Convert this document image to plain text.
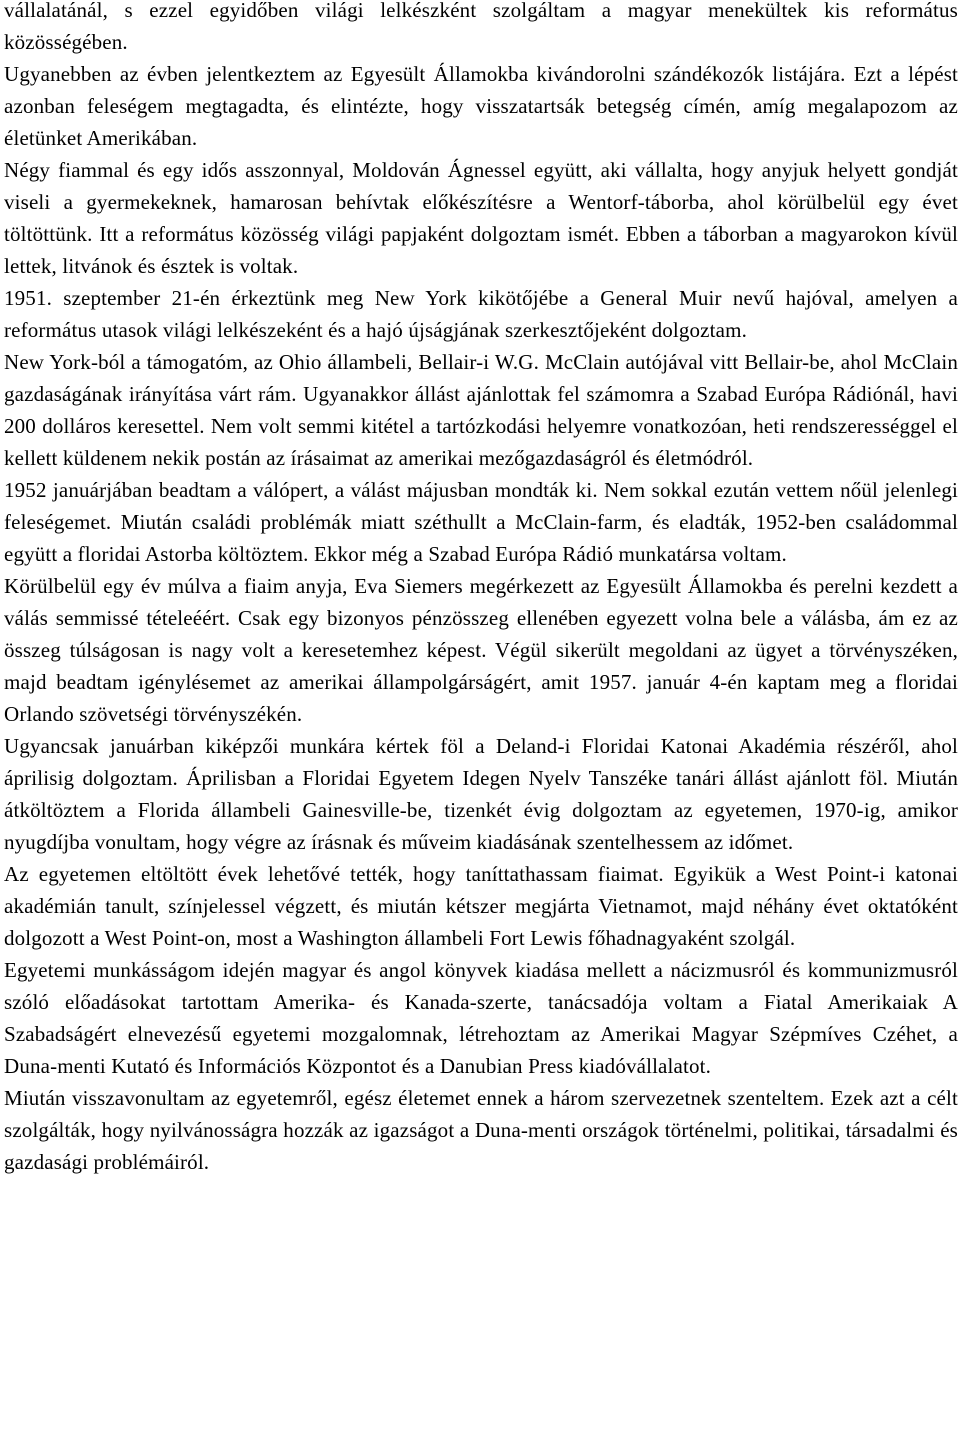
vállalatánál, s ezzel egyidőben világi lelkészként szolgáltam a magyar menekültek kis református közösségében.

Ugyanebben az évben jelentkeztem az Egyesült Államokba kivándorolni szándékozók listájára. Ezt a lépést azonban feleségem megtagadta, és elintézte, hogy visszatartsák betegség címén, amíg megalapozom az életünket Amerikában.

Négy fiammal és egy idős asszonnyal, Moldován Ágnessel együtt, aki vállalta, hogy anyjuk helyett gondját viseli a gyermekeknek, hamarosan behívtak előkészítésre a Wentorf-táborba, ahol körülbelül egy évet töltöttünk. Itt a református közösség világi papjaként dolgoztam ismét. Ebben a táborban a magyarokon kívül lettek, litvánok és észtek is voltak.

1951. szeptember 21-én érkeztünk meg New York kikötőjébe a General Muir nevű hajóval, amelyen a református utasok világi lelkészeként és a hajó újságjának szerkesztőjeként dolgoztam.

New York-ból a támogatóm, az Ohio állambeli, Bellair-i W.G. McClain autójával vitt Bellair-be, ahol McClain gazdaságának irányítása várt rám. Ugyanakkor állást ajánlottak fel számomra a Szabad Európa Rádiónál, havi 200 dolláros keresettel. Nem volt semmi kitétel a tartózkodási helyemre vonatkozóan, heti rendszerességgel el kellett küldenem nekik postán az írásaimat az amerikai mezőgazdaságról és életmódról.

1952 januárjában beadtam a válópert, a válást májusban mondták ki. Nem sokkal ezután vettem nőül jelenlegi feleségemet. Miután családi problémák miatt széthullt a McClain-farm, és eladták, 1952-ben családommal együtt a floridai Astorba költöztem. Ekkor még a Szabad Európa Rádió munkatársa voltam.

Körülbelül egy év múlva a fiaim anyja, Eva Siemers megérkezett az Egyesült Államokba és perelni kezdett a válás semmissé tételeéért. Csak egy bizonyos pénzösszeg ellenében egyezett volna bele a válásba, ám ez az összeg túlságosan is nagy volt a keresetemhez képest. Végül sikerült megoldani az ügyet a törvényszéken, majd beadtam igénylésemet az amerikai állampolgárságért, amit 1957. január 4-én kaptam meg a floridai Orlando szövetségi törvényszékén.

Ugyancsak januárban kiképzői munkára kértek föl a Deland-i Floridai Katonai Akadémia részéről, ahol áprilisig dolgoztam. Áprilisban a Floridai Egyetem Idegen Nyelv Tanszéke tanári állást ajánlott föl. Miután átköltöztem a Florida állambeli Gainesville-be, tizenkét évig dolgoztam az egyetemen, 1970-ig, amikor nyugdíjba vonultam, hogy végre az írásnak és műveim kiadásának szentelhessem az időmet.

Az egyetemen eltöltött évek lehetővé tették, hogy taníttathassam fiaimat. Egyikük a West Point-i katonai akadémián tanult, színjelessel végzett, és miután kétszer megjárta Vietnamot, majd néhány évet oktatóként dolgozott a West Point-on, most a Washington állambeli Fort Lewis főhadnagyaként szolgál.

Egyetemi munkásságom idején magyar és angol könyvek kiadása mellett a nácizmusról és kommunizmusról szóló előadásokat tartottam Amerika- és Kanada-szerte, tanácsadója voltam a Fiatal Amerikaiak A Szabadságért elnevezésű egyetemi mozgalomnak, létrehoztam az Amerikai Magyar Szépmíves Czéhet, a Duna-menti Kutató és Információs Központot és a Danubian Press kiadóvállalatot.

Miután visszavonultam az egyetemről, egész életemet ennek a három szervezetnek szenteltem. Ezek azt a célt szolgálták, hogy nyilvánosságra hozzák az igazságot a Duna-menti országok történelmi, politikai, társadalmi és gazdasági problémáiról.
